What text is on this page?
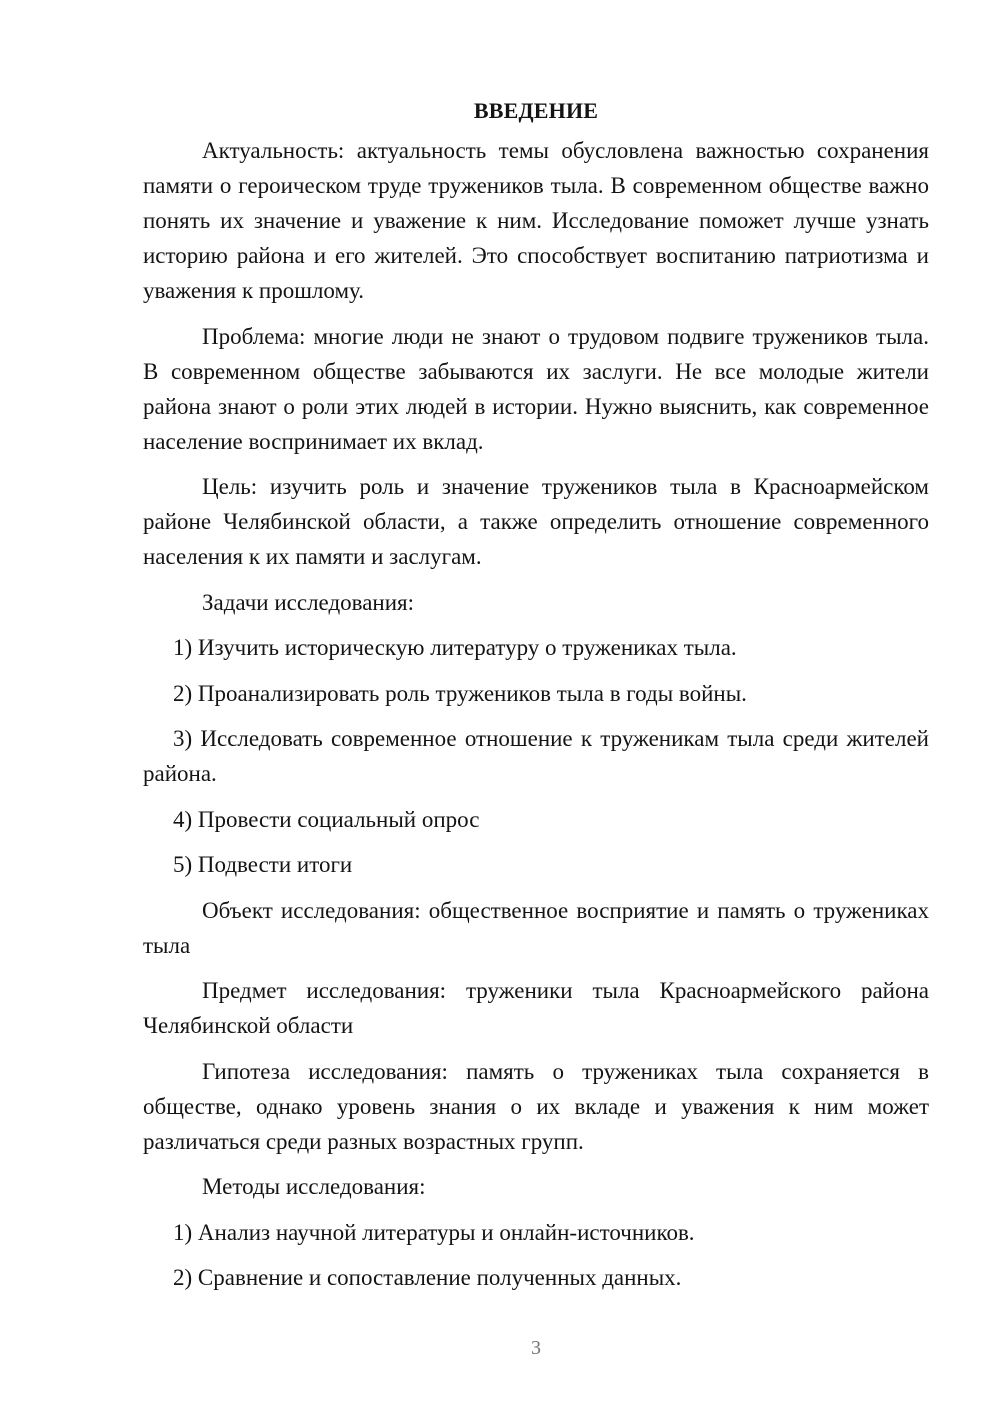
ВВЕДЕНИЕ
Актуальность: актуальность темы обусловлена важностью сохранения памяти о героическом труде тружеников тыла. В современном обществе важно понять их значение и уважение к ним. Исследование поможет лучше узнать историю района и его жителей. Это способствует воспитанию патриотизма и уважения к прошлому.
Проблема: многие люди не знают о трудовом подвиге тружеников тыла. В современном обществе забываются их заслуги. Не все молодые жители района знают о роли этих людей в истории. Нужно выяснить, как современное население воспринимает их вклад.
Цель: изучить роль и значение тружеников тыла в Красноармейском районе Челябинской области, а также определить отношение современного населения к их памяти и заслугам.
Задачи исследования:
1) Изучить историческую литературу о тружениках тыла.
2) Проанализировать роль тружеников тыла в годы войны.
3) Исследовать современное отношение к труженикам тыла среди жителей района.
4) Провести социальный опрос
5) Подвести итоги
Объект исследования: общественное восприятие и память о тружениках тыла
Предмет исследования: труженики тыла Красноармейского района Челябинской области
Гипотеза исследования: память о тружениках тыла сохраняется в обществе, однако уровень знания о их вкладе и уважения к ним может различаться среди разных возрастных групп.
Методы исследования:
1) Анализ научной литературы и онлайн-источников.
2) Сравнение и сопоставление полученных данных.
3
